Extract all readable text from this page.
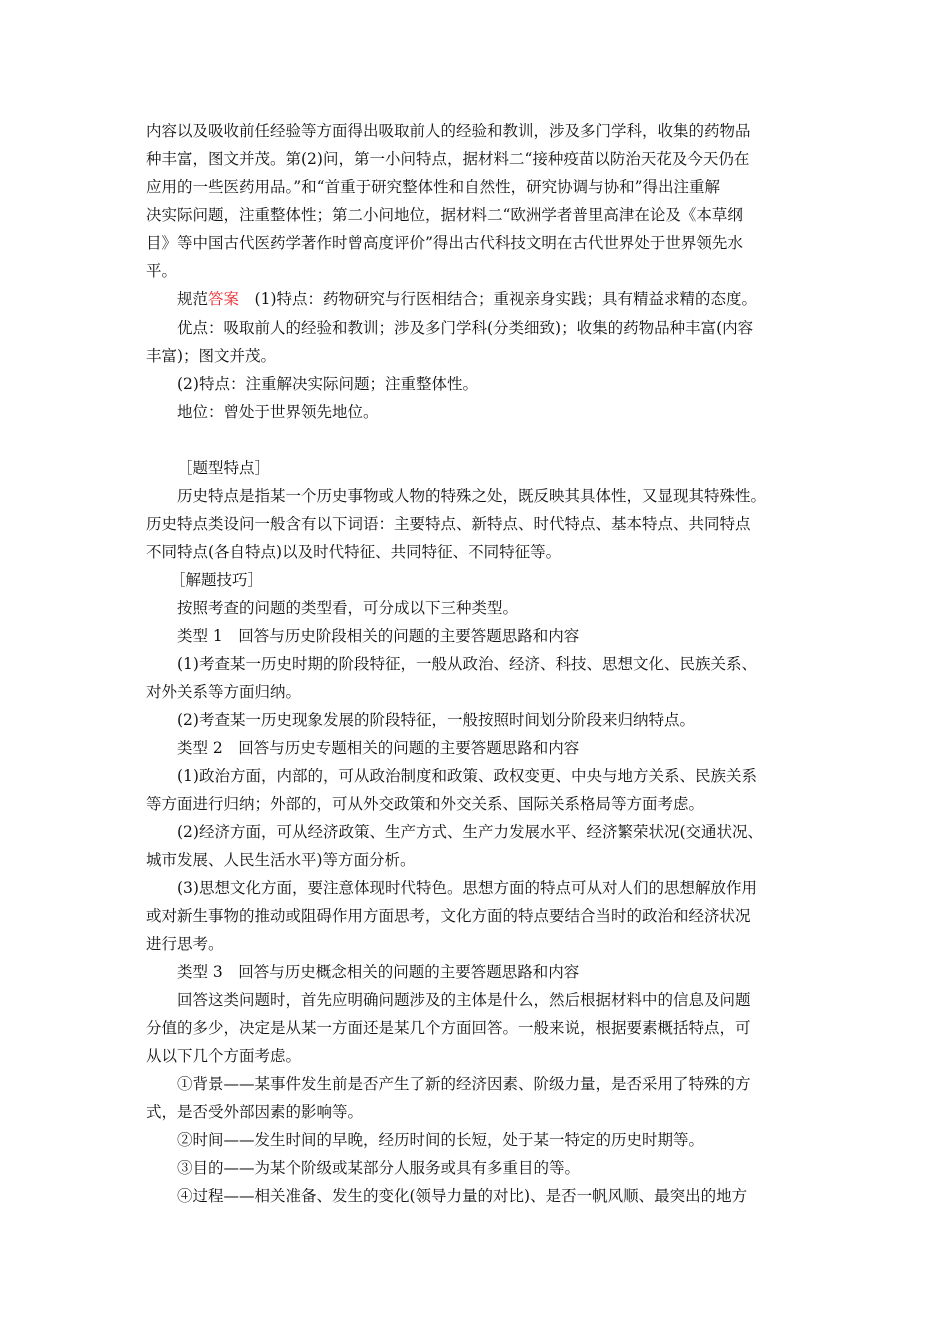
内容以及吸收前任经验等方面得出吸取前人的经验和教训，涉及多门学科，收集的药物品
种丰富，图文并茂。第(2)问，第一小问特点，据材料二“接种疫苗以防治天花及今天仍在
应用的一些医药用品。”和“首重于研究整体性和自然性，研究协调与协和”得出注重解
决实际问题，注重整体性；第二小问地位，据材料二“欧洲学者普里高津在论及《本草纲
目》等中国古代医药学著作时曾高度评价”得出古代科技文明在古代世界处于世界领先水
平。
规范答案　(1)特点：药物研究与行医相结合；重视亲身实践；具有精益求精的态度。
优点：吸取前人的经验和教训；涉及多门学科(分类细致)；收集的药物品种丰富(内容
丰富)；图文并茂。
(2)特点：注重解决实际问题；注重整体性。
地位：曾处于世界领先地位。
［题型特点］
历史特点是指某一个历史事物或人物的特殊之处，既反映其具体性，又显现其特殊性。
历史特点类设问一般含有以下词语：主要特点、新特点、时代特点、基本特点、共同特点
不同特点(各自特点)以及时代特征、共同特征、不同特征等。
［解题技巧］
按照考查的问题的类型看，可分成以下三种类型。
类型 1　回答与历史阶段相关的问题的主要答题思路和内容
(1)考查某一历史时期的阶段特征，一般从政治、经济、科技、思想文化、民族关系、
对外关系等方面归纳。
(2)考查某一历史现象发展的阶段特征，一般按照时间划分阶段来归纳特点。
类型 2　回答与历史专题相关的问题的主要答题思路和内容
(1)政治方面，内部的，可从政治制度和政策、政权变更、中央与地方关系、民族关系
等方面进行归纳；外部的，可从外交政策和外交关系、国际关系格局等方面考虑。
(2)经济方面，可从经济政策、生产方式、生产力发展水平、经济繁荣状况(交通状况、
城市发展、人民生活水平)等方面分析。
(3)思想文化方面，要注意体现时代特色。思想方面的特点可从对人们的思想解放作用
或对新生事物的推动或阻碍作用方面思考，文化方面的特点要结合当时的政治和经济状况
进行思考。
类型 3　回答与历史概念相关的问题的主要答题思路和内容
回答这类问题时，首先应明确问题涉及的主体是什么，然后根据材料中的信息及问题
分值的多少，决定是从某一方面还是某几个方面回答。一般来说，根据要素概括特点，可
从以下几个方面考虑。
①背景——某事件发生前是否产生了新的经济因素、阶级力量，是否采用了特殊的方
式，是否受外部因素的影响等。
②时间——发生时间的早晚，经历时间的长短，处于某一特定的历史时期等。
③目的——为某个阶级或某部分人服务或具有多重目的等。
④过程——相关准备、发生的变化(领导力量的对比)、是否一帆风顺、最突出的地方
